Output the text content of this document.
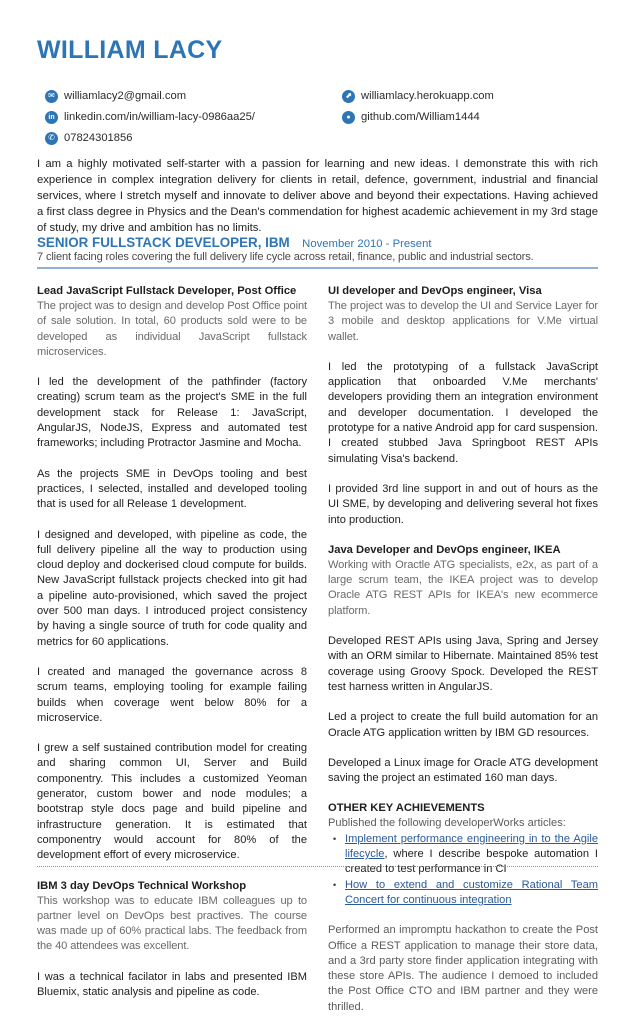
WILLIAM LACY
✉ williamlacy2@gmail.com
in linkedin.com/in/william-lacy-0986aa25/
✆ 07824301856
⬈ williamlacy.herokuapp.com
● github.com/William1444

I am a highly motivated self-starter with a passion for learning and new ideas. I demonstrate this with rich experience in complex integration delivery for clients in retail, defence, government, industrial and financial services, where I stretch myself and innovate to deliver above and beyond their expectations. Having achieved a first class degree in Physics and the Dean's commendation for highest academic achievement in my 3rd stage of study, my drive and ambition has no limits.

SENIOR FULLSTACK DEVELOPER, IBM November 2010 - Present
7 client facing roles covering the full delivery life cycle across retail, finance, public and industrial sectors.
Lead JavaScript Fullstack Developer, Post Office
The project was to design and develop Post Office point of sale solution. In total, 60 products sold were to be developed as individual JavaScript fullstack microservices.

I led the development of the pathfinder (factory creating) scrum team as the project's SME in the full development stack for Release 1: JavaScript, AngularJS, NodeJS, Express and automated test frameworks; including Protractor Jasmine and Mocha.

As the projects SME in DevOps tooling and best practices, I selected, installed and developed tooling that is used for all Release 1 development.

I designed and developed, with pipeline as code, the full delivery pipeline all the way to production using cloud deploy and dockerised cloud compute for builds. New JavaScript fullstack projects checked into git had a pipeline auto-provisioned, which saved the project over 500 man days. I introduced project consistency by having a single source of truth for code quality and metrics for 60 applications.

I created and managed the governance across 8 scrum teams, employing tooling for example failing builds when coverage went below 80% for a microservice.

I grew a self sustained contribution model for creating and sharing common UI, Server and Build componentry. This includes a customized Yeoman generator, custom bower and node modules; a bootstrap style docs page and build pipeline and infrastructure generation. It is estimated that componentry would account for 80% of the development effort of every microservice.

IBM 3 day DevOps Technical Workshop
This workshop was to educate IBM colleagues up to partner level on DevOps best practives. The course was made up of 60% practical labs. The feedback from the 40 attendees was excellent.

I was a technical facilator in labs and presented IBM Bluemix, static analysis and pipeline as code.

UI developer and DevOps engineer, Visa
The project was to develop the UI and Service Layer for 3 mobile and desktop applications for V.Me virtual wallet.

I led the prototyping of a fullstack JavaScript application that onboarded V.Me merchants' developers providing them an integration environment and developer documentation. I developed the prototype for a native Android app for card suspension. I created stubbed Java Springboot REST APIs simulating Visa's backend.

I provided 3rd line support in and out of hours as the UI SME, by developing and delivering several hot fixes into production.

Java Developer and DevOps engineer, IKEA
Working with Oractle ATG specialists, e2x, as part of a large scrum team, the IKEA project was to develop Oracle ATG REST APIs for IKEA's new ecommerce platform.

Developed REST APIs using Java, Spring and Jersey with an ORM similar to Hibernate. Maintained 85% test coverage using Groovy Spock. Developed the REST test harness written in AngularJS.

Led a project to create the full build automation for an Oracle ATG application written by IBM GD resources.

Developed a Linux image for Oracle ATG development saving the project an estimated 160 man days.

OTHER KEY ACHIEVEMENTS
Published the following developerWorks articles:
• Implement performance engineering in to the Agile lifecycle, where I describe bespoke automation I created to test performance in CI
• How to extend and customize Rational Team Concert for continuous integration

Performed an impromptu hackathon to create the Post Office a REST application to manage their store data, and a 3rd party store finder application integrating with these store APIs. The audience I demoed to included the Post Office CTO and IBM partner and they were thrilled.
